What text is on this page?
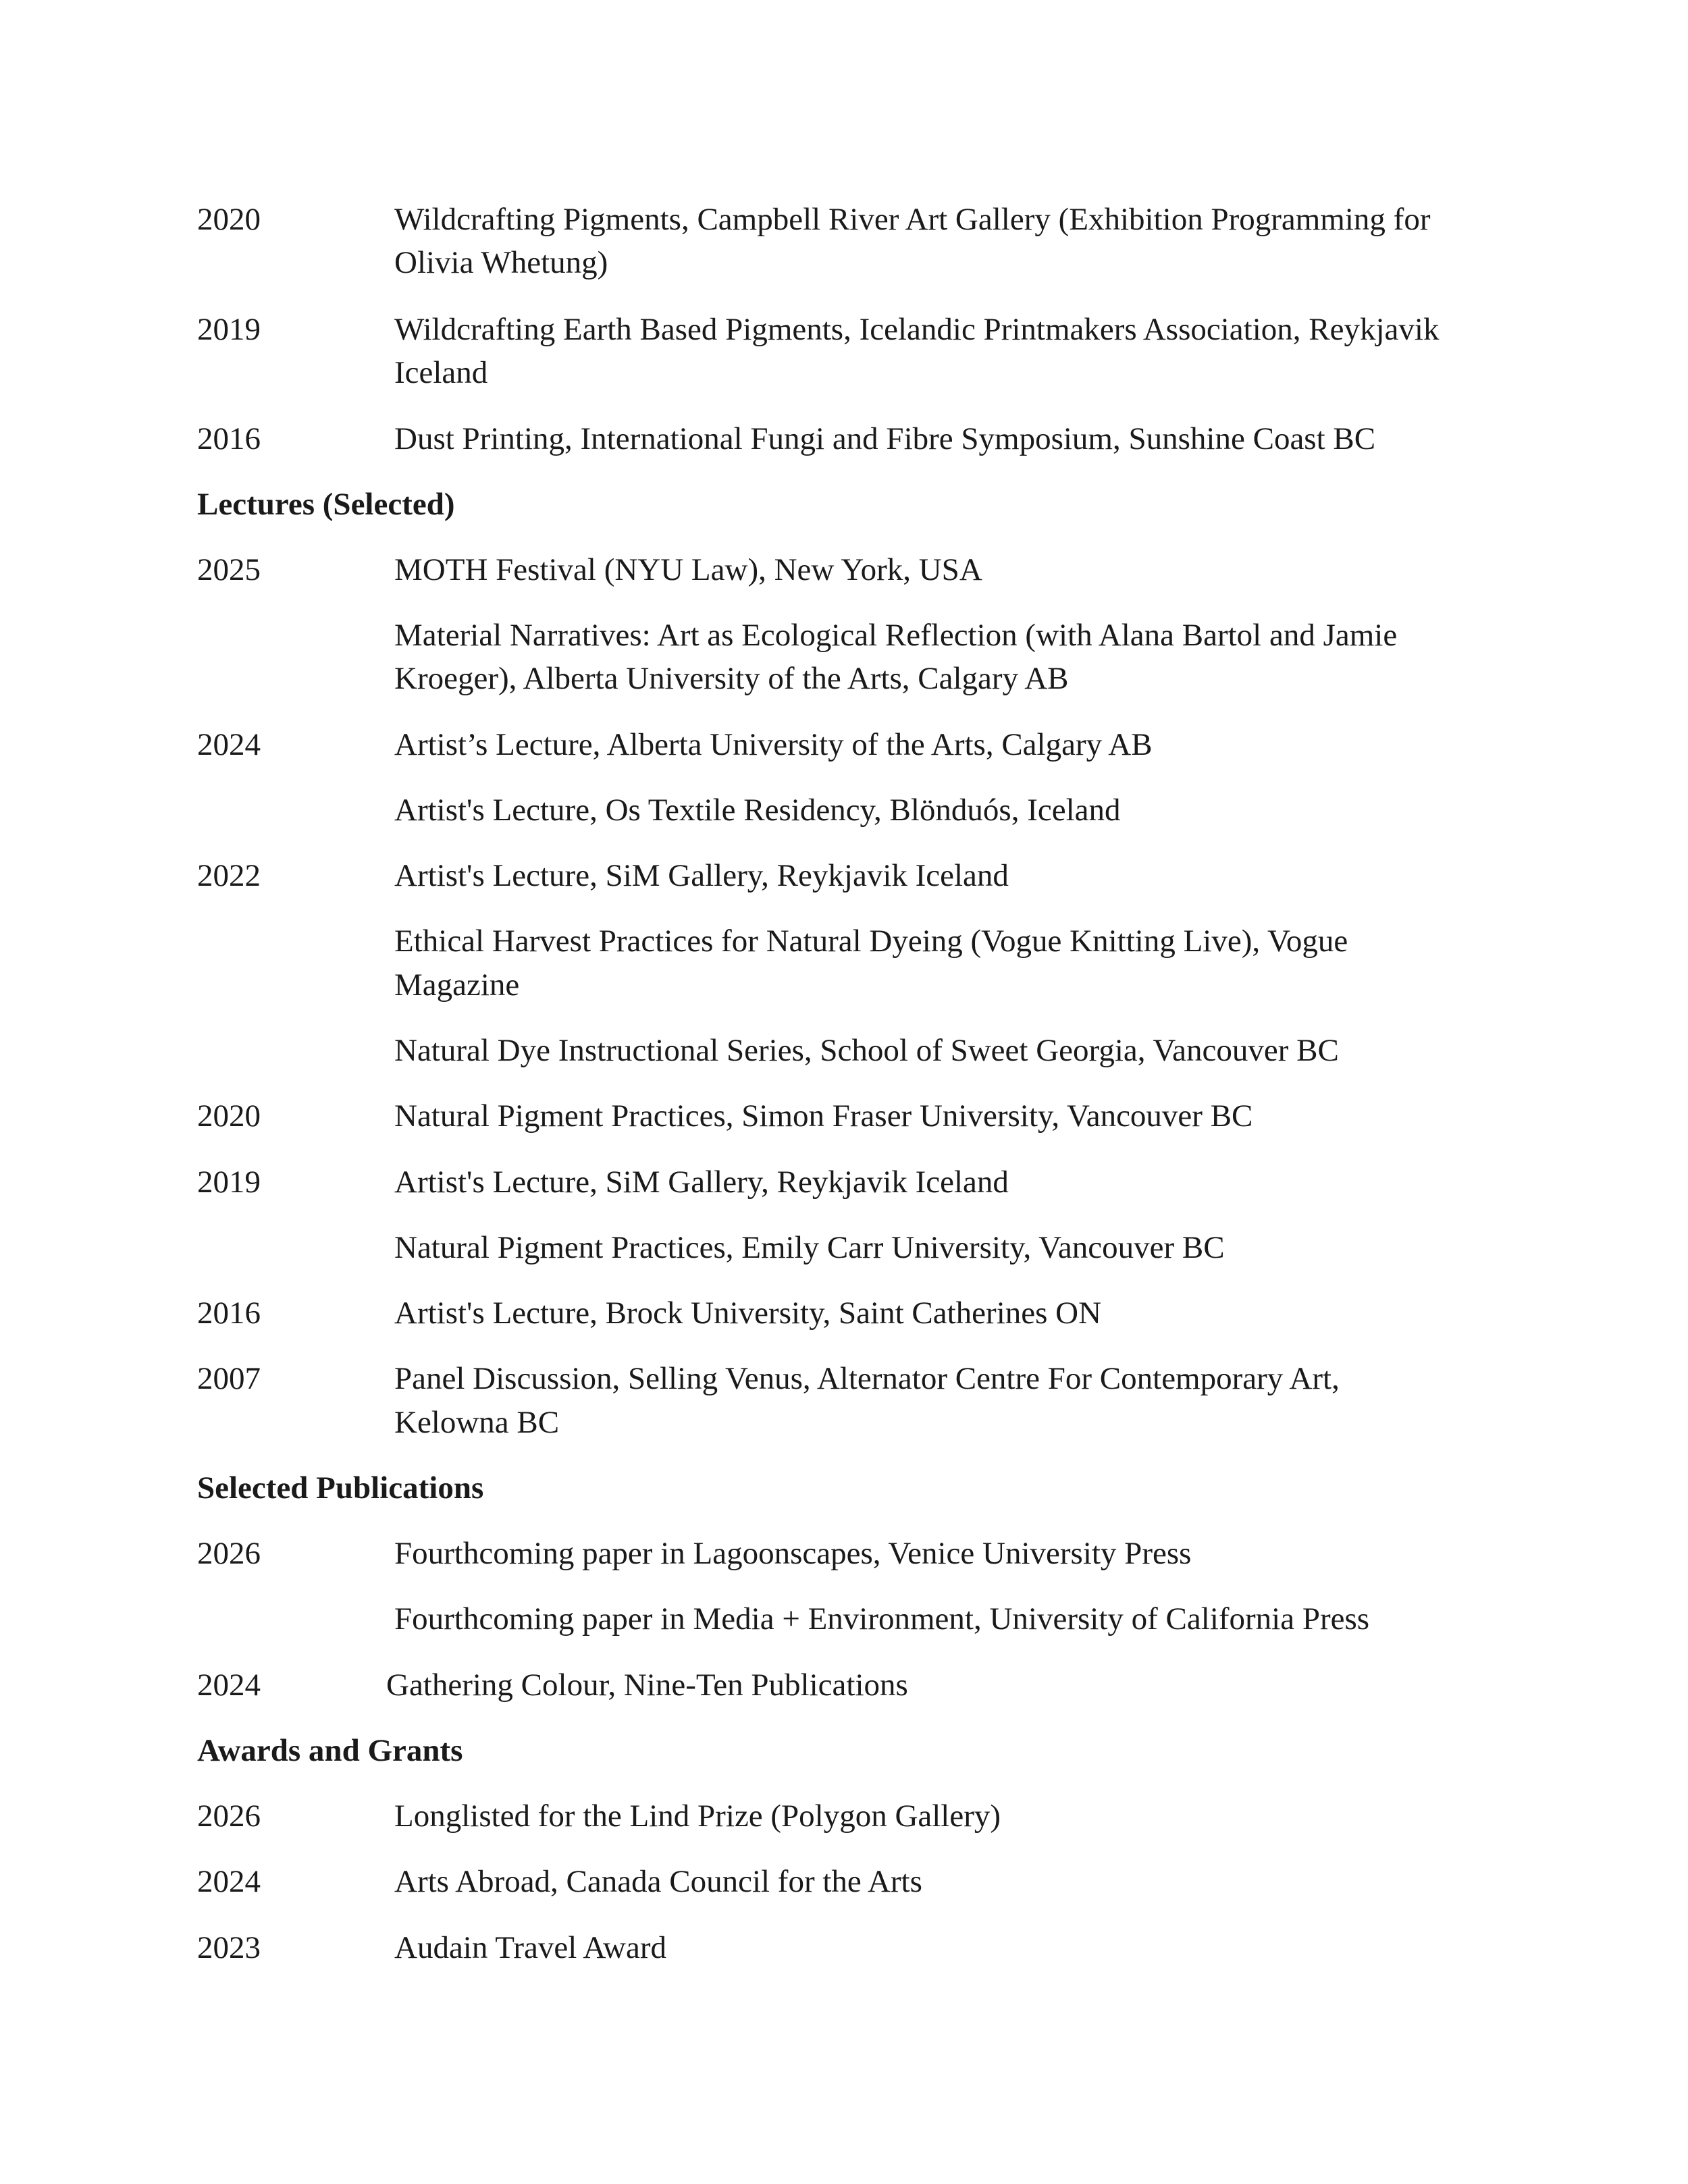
2020	Wildcrafting Pigments, Campbell River Art Gallery (Exhibition Programming for
Olivia Whetung)
2019	Wildcrafting Earth Based Pigments, Icelandic Printmakers Association, Reykjavik
Iceland
2016	Dust Printing, International Fungi and Fibre Symposium, Sunshine Coast BC
Lectures (Selected)
2025	MOTH Festival (NYU Law), New York, USA
Material Narratives: Art as Ecological Reflection (with Alana Bartol and Jamie
Kroeger), Alberta University of the Arts, Calgary AB
2024	Artist’s Lecture, Alberta University of the Arts, Calgary AB
Artist's Lecture, Os Textile Residency, Blönduós, Iceland
2022	Artist's Lecture, SiM Gallery, Reykjavik Iceland
Ethical Harvest Practices for Natural Dyeing (Vogue Knitting Live), Vogue
Magazine
Natural Dye Instructional Series, School of Sweet Georgia, Vancouver BC
2020	Natural Pigment Practices, Simon Fraser University, Vancouver BC
2019	Artist's Lecture, SiM Gallery, Reykjavik Iceland
Natural Pigment Practices, Emily Carr University, Vancouver BC
2016	Artist's Lecture, Brock University, Saint Catherines ON
2007	Panel Discussion, Selling Venus, Alternator Centre For Contemporary Art,
Kelowna BC
Selected Publications
2026	Fourthcoming paper in Lagoonscapes, Venice University Press
Fourthcoming paper in Media + Environment, University of California Press
2024	Gathering Colour, Nine-Ten Publications
Awards and Grants
2026	Longlisted for the Lind Prize (Polygon Gallery)
2024	Arts Abroad, Canada Council for the Arts
2023	Audain Travel Award
